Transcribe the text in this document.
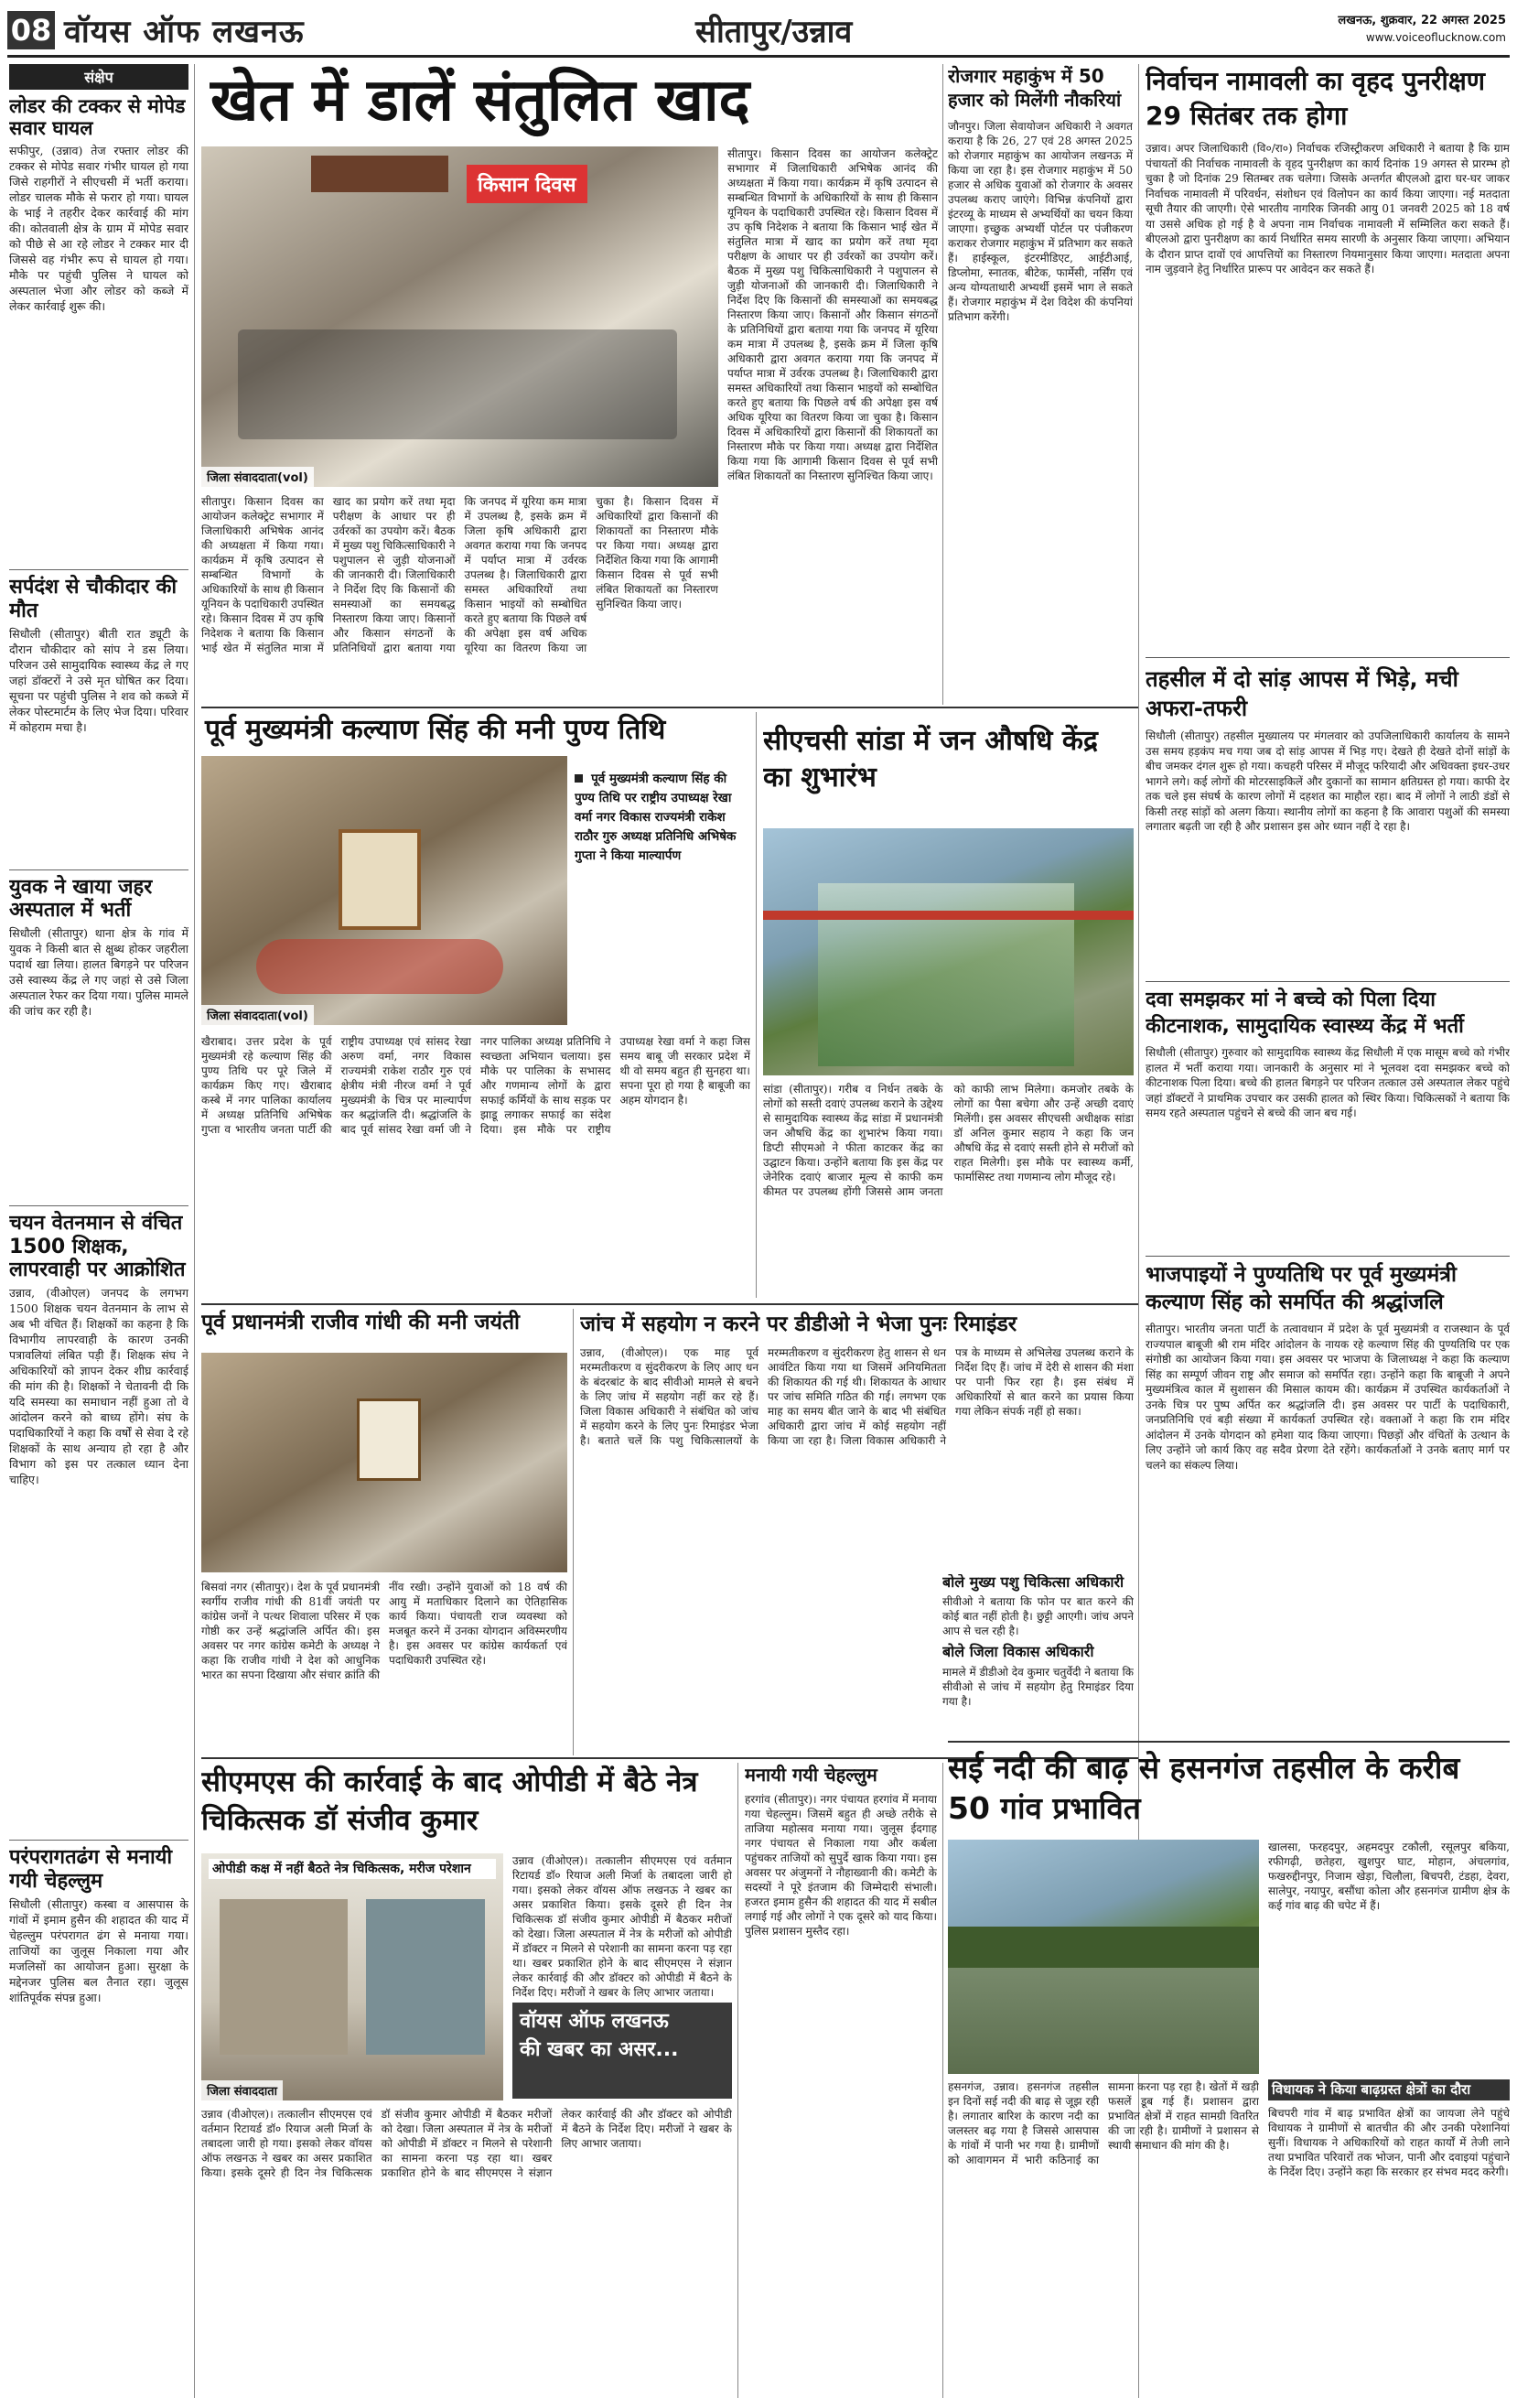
08 वॉयस ऑफ लखनऊ	सीतापुर/उन्नाव	लखनऊ, शुक्रवार, 22 अगस्त 2025
www.voiceoflucknow.com
संक्षेप
लोडर की टक्कर से मोपेड सवार घायल
सफीपुर, (उन्नाव) तेज रफ्तार लोडर की टक्कर से मोपेड सवार गंभीर घायल हो गया जिसे राहगीरों ने सीएचसी में भर्ती कराया। लोडर चालक मौके से फरार हो गया। घायल के भाई ने तहरीर देकर कार्रवाई की मांग की। कोतवाली क्षेत्र के ग्राम में मोपेड सवार को पीछे से आ रहे लोडर ने टक्कर मार दी जिससे वह गंभीर रूप से घायल हो गया। मौके पर पहुंची पुलिस ने घायल को अस्पताल भेजा और लोडर को कब्जे में लेकर कार्रवाई शुरू की।
सर्पदंश से चौकीदार की मौत
सिधौली (सीतापुर) बीती रात ड्यूटी के दौरान चौकीदार को सांप ने डस लिया। परिजन उसे सामुदायिक स्वास्थ्य केंद्र ले गए जहां डॉक्टरों ने उसे मृत घोषित कर दिया। सूचना पर पहुंची पुलिस ने शव को कब्जे में लेकर पोस्टमार्टम के लिए भेज दिया। परिवार में कोहराम मचा है।
युवक ने खाया जहर अस्पताल में भर्ती
सिधौली (सीतापुर) थाना क्षेत्र के गांव में युवक ने किसी बात से क्षुब्ध होकर जहरीला पदार्थ खा लिया। हालत बिगड़ने पर परिजन उसे स्वास्थ्य केंद्र ले गए जहां से उसे जिला अस्पताल रेफर कर दिया गया। पुलिस मामले की जांच कर रही है।
चयन वेतनमान से वंचित 1500 शिक्षक, लापरवाही पर आक्रोशित
उन्नाव, (वीओएल) जनपद के लगभग 1500 शिक्षक चयन वेतनमान के लाभ से अब भी वंचित हैं। शिक्षकों का कहना है कि विभागीय लापरवाही के कारण उनकी पत्रावलियां लंबित पड़ी हैं। शिक्षक संघ ने अधिकारियों को ज्ञापन देकर शीघ्र कार्रवाई की मांग की है। शिक्षकों ने चेतावनी दी कि यदि समस्या का समाधान नहीं हुआ तो वे आंदोलन करने को बाध्य होंगे। संघ के पदाधिकारियों ने कहा कि वर्षों से सेवा दे रहे शिक्षकों के साथ अन्याय हो रहा है और विभाग को इस पर तत्काल ध्यान देना चाहिए।
परंपरागतढंग से मनायी गयी चेहल्लुम
सिधौली (सीतापुर) कस्बा व आसपास के गांवों में इमाम हुसैन की शहादत की याद में चेहल्लुम परंपरागत ढंग से मनाया गया। ताजियों का जुलूस निकाला गया और मजलिसों का आयोजन हुआ। सुरक्षा के मद्देनजर पुलिस बल तैनात रहा। जुलूस शांतिपूर्वक संपन्न हुआ।
खेत में डालें संतुलित खाद
किसान दिवस
जिला संवाददाता(vol)
सीतापुर। किसान दिवस का आयोजन कलेक्ट्रेट सभागार में जिलाधिकारी अभिषेक आनंद की अध्यक्षता में किया गया। कार्यक्रम में कृषि उत्पादन से सम्बन्धित विभागों के अधिकारियों के साथ ही किसान यूनियन के पदाधिकारी उपस्थित रहे। किसान दिवस में उप कृषि निदेशक ने बताया कि किसान भाई खेत में संतुलित मात्रा में खाद का प्रयोग करें तथा मृदा परीक्षण के आधार पर ही उर्वरकों का उपयोग करें। बैठक में मुख्य पशु चिकित्साधिकारी ने पशुपालन से जुड़ी योजनाओं की जानकारी दी। जिलाधिकारी ने निर्देश दिए कि किसानों की समस्याओं का समयबद्ध निस्तारण किया जाए। किसानों और किसान संगठनों के प्रतिनिधियों द्वारा बताया गया कि जनपद में यूरिया कम मात्रा में उपलब्ध है, इसके क्रम में जिला कृषि अधिकारी द्वारा अवगत कराया गया कि जनपद में पर्याप्त मात्रा में उर्वरक उपलब्ध है। जिलाधिकारी द्वारा समस्त अधिकारियों तथा किसान भाइयों को सम्बोधित करते हुए बताया कि पिछले वर्ष की अपेक्षा इस वर्ष अधिक यूरिया का वितरण किया जा चुका है। किसान दिवस में अधिकारियों द्वारा किसानों की शिकायतों का निस्तारण मौके पर किया गया। अध्यक्ष द्वारा निर्देशित किया गया कि आगामी किसान दिवस से पूर्व सभी लंबित शिकायतों का निस्तारण सुनिश्चित किया जाए।
सीतापुर। किसान दिवस का आयोजन कलेक्ट्रेट सभागार में जिलाधिकारी अभिषेक आनंद की अध्यक्षता में किया गया। कार्यक्रम में कृषि उत्पादन से सम्बन्धित विभागों के अधिकारियों के साथ ही किसान यूनियन के पदाधिकारी उपस्थित रहे। किसान दिवस में उप कृषि निदेशक ने बताया कि किसान भाई खेत में संतुलित मात्रा में खाद का प्रयोग करें तथा मृदा परीक्षण के आधार पर ही उर्वरकों का उपयोग करें। बैठक में मुख्य पशु चिकित्साधिकारी ने पशुपालन से जुड़ी योजनाओं की जानकारी दी। जिलाधिकारी ने निर्देश दिए कि किसानों की समस्याओं का समयबद्ध निस्तारण किया जाए। किसानों और किसान संगठनों के प्रतिनिधियों द्वारा बताया गया कि जनपद में यूरिया कम मात्रा में उपलब्ध है, इसके क्रम में जिला कृषि अधिकारी द्वारा अवगत कराया गया कि जनपद में पर्याप्त मात्रा में उर्वरक उपलब्ध है। जिलाधिकारी द्वारा समस्त अधिकारियों तथा किसान भाइयों को सम्बोधित करते हुए बताया कि पिछले वर्ष की अपेक्षा इस वर्ष अधिक यूरिया का वितरण किया जा चुका है। किसान दिवस में अधिकारियों द्वारा किसानों की शिकायतों का निस्तारण मौके पर किया गया। अध्यक्ष द्वारा निर्देशित किया गया कि आगामी किसान दिवस से पूर्व सभी लंबित शिकायतों का निस्तारण सुनिश्चित किया जाए।
रोजगार महाकुंभ में 50 हजार को मिलेंगी नौकरियां
जौनपुर। जिला सेवायोजन अधिकारी ने अवगत कराया है कि 26, 27 एवं 28 अगस्त 2025 को रोजगार महाकुंभ का आयोजन लखनऊ में किया जा रहा है। इस रोजगार महाकुंभ में 50 हजार से अधिक युवाओं को रोजगार के अवसर उपलब्ध कराए जाएंगे। विभिन्न कंपनियों द्वारा इंटरव्यू के माध्यम से अभ्यर्थियों का चयन किया जाएगा। इच्छुक अभ्यर्थी पोर्टल पर पंजीकरण कराकर रोजगार महाकुंभ में प्रतिभाग कर सकते हैं। हाईस्कूल, इंटरमीडिएट, आईटीआई, डिप्लोमा, स्नातक, बीटेक, फार्मेसी, नर्सिंग एवं अन्य योग्यताधारी अभ्यर्थी इसमें भाग ले सकते हैं। रोजगार महाकुंभ में देश विदेश की कंपनियां प्रतिभाग करेंगी।
निर्वाचन नामावली का वृहद पुनरीक्षण 29 सितंबर तक होगा
उन्नाव। अपर जिलाधिकारी (वि०/रा०) निर्वाचक रजिस्ट्रीकरण अधिकारी ने बताया है कि ग्राम पंचायतों की निर्वाचक नामावली के वृहद पुनरीक्षण का कार्य दिनांक 19 अगस्त से प्रारम्भ हो चुका है जो दिनांक 29 सितम्बर तक चलेगा। जिसके अन्तर्गत बीएलओ द्वारा घर-घर जाकर निर्वाचक नामावली में परिवर्धन, संशोधन एवं विलोपन का कार्य किया जाएगा। नई मतदाता सूची तैयार की जाएगी। ऐसे भारतीय नागरिक जिनकी आयु 01 जनवरी 2025 को 18 वर्ष या उससे अधिक हो गई है वे अपना नाम निर्वाचक नामावली में सम्मिलित करा सकते हैं। बीएलओ द्वारा पुनरीक्षण का कार्य निर्धारित समय सारणी के अनुसार किया जाएगा। अभियान के दौरान प्राप्त दावों एवं आपत्तियों का निस्तारण नियमानुसार किया जाएगा। मतदाता अपना नाम जुड़वाने हेतु निर्धारित प्रारूप पर आवेदन कर सकते हैं।
तहसील में दो सांड़ आपस में भिड़े, मची अफरा-तफरी
सिधौली (सीतापुर) तहसील मुख्यालय पर मंगलवार को उपजिलाधिकारी कार्यालय के सामने उस समय हड़कंप मच गया जब दो सांड़ आपस में भिड़ गए। देखते ही देखते दोनों सांड़ों के बीच जमकर दंगल शुरू हो गया। कचहरी परिसर में मौजूद फरियादी और अधिवक्ता इधर-उधर भागने लगे। कई लोगों की मोटरसाइकिलें और दुकानों का सामान क्षतिग्रस्त हो गया। काफी देर तक चले इस संघर्ष के कारण लोगों में दहशत का माहौल रहा। बाद में लोगों ने लाठी डंडों से किसी तरह सांड़ों को अलग किया। स्थानीय लोगों का कहना है कि आवारा पशुओं की समस्या लगातार बढ़ती जा रही है और प्रशासन इस ओर ध्यान नहीं दे रहा है।
दवा समझकर मां ने बच्चे को पिला दिया कीटनाशक, सामुदायिक स्वास्थ्य केंद्र में भर्ती
सिधौली (सीतापुर) गुरुवार को सामुदायिक स्वास्थ्य केंद्र सिधौली में एक मासूम बच्चे को गंभीर हालत में भर्ती कराया गया। जानकारी के अनुसार मां ने भूलवश दवा समझकर बच्चे को कीटनाशक पिला दिया। बच्चे की हालत बिगड़ने पर परिजन तत्काल उसे अस्पताल लेकर पहुंचे जहां डॉक्टरों ने प्राथमिक उपचार कर उसकी हालत को स्थिर किया। चिकित्सकों ने बताया कि समय रहते अस्पताल पहुंचने से बच्चे की जान बच गई।
भाजपाइयों ने पुण्यतिथि पर पूर्व मुख्यमंत्री कल्याण सिंह को समर्पित की श्रद्धांजलि
सीतापुर। भारतीय जनता पार्टी के तत्वावधान में प्रदेश के पूर्व मुख्यमंत्री व राजस्थान के पूर्व राज्यपाल बाबूजी श्री राम मंदिर आंदोलन के नायक रहे कल्याण सिंह की पुण्यतिथि पर एक संगोष्ठी का आयोजन किया गया। इस अवसर पर भाजपा के जिलाध्यक्ष ने कहा कि कल्याण सिंह का सम्पूर्ण जीवन राष्ट्र और समाज को समर्पित रहा। उन्होंने कहा कि बाबूजी ने अपने मुख्यमंत्रित्व काल में सुशासन की मिसाल कायम की। कार्यक्रम में उपस्थित कार्यकर्ताओं ने उनके चित्र पर पुष्प अर्पित कर श्रद्धांजलि दी। इस अवसर पर पार्टी के पदाधिकारी, जनप्रतिनिधि एवं बड़ी संख्या में कार्यकर्ता उपस्थित रहे। वक्ताओं ने कहा कि राम मंदिर आंदोलन में उनके योगदान को हमेशा याद किया जाएगा। पिछड़ों और वंचितों के उत्थान के लिए उन्होंने जो कार्य किए वह सदैव प्रेरणा देते रहेंगे। कार्यकर्ताओं ने उनके बताए मार्ग पर चलने का संकल्प लिया।
पूर्व मुख्यमंत्री कल्याण सिंह की मनी पुण्य तिथि
जिला संवाददाता(vol)
पूर्व मुख्यमंत्री कल्याण सिंह की पुण्य तिथि पर राष्ट्रीय उपाध्यक्ष रेखा वर्मा नगर विकास राज्यमंत्री राकेश राठौर गुरु अध्यक्ष प्रतिनिधि अभिषेक गुप्ता ने किया माल्यार्पण
खैराबाद। उत्तर प्रदेश के पूर्व मुख्यमंत्री रहे कल्याण सिंह की पुण्य तिथि पर पूरे जिले में कार्यक्रम किए गए। खैराबाद कस्बे में नगर पालिका कार्यालय में अध्यक्ष प्रतिनिधि अभिषेक गुप्ता व भारतीय जनता पार्टी की राष्ट्रीय उपाध्यक्ष एवं सांसद रेखा अरुण वर्मा, नगर विकास राज्यमंत्री राकेश राठौर गुरु एवं क्षेत्रीय मंत्री नीरज वर्मा ने पूर्व मुख्यमंत्री के चित्र पर माल्यार्पण कर श्रद्धांजलि दी। श्रद्धांजलि के बाद पूर्व सांसद रेखा वर्मा जी ने नगर पालिका अध्यक्ष प्रतिनिधि ने स्वच्छता अभियान चलाया। इस मौके पर पालिका के सभासद और गणमान्य लोगों के द्वारा सफाई कर्मियों के साथ सड़क पर झाडू लगाकर सफाई का संदेश दिया। इस मौके पर राष्ट्रीय उपाध्यक्ष रेखा वर्मा ने कहा जिस समय बाबू जी सरकार प्रदेश में थी वो समय बहुत ही सुनहरा था। सपना पूरा हो गया है बाबूजी का अहम योगदान है।
सीएचसी सांडा में जन औषधि केंद्र का शुभारंभ
सांडा (सीतापुर)। गरीब व निर्धन तबके के लोगों को सस्ती दवाएं उपलब्ध कराने के उद्देश्य से सामुदायिक स्वास्थ्य केंद्र सांडा में प्रधानमंत्री जन औषधि केंद्र का शुभारंभ किया गया। डिप्टी सीएमओ ने फीता काटकर केंद्र का उद्घाटन किया। उन्होंने बताया कि इस केंद्र पर जेनेरिक दवाएं बाजार मूल्य से काफी कम कीमत पर उपलब्ध होंगी जिससे आम जनता को काफी लाभ मिलेगा। कमजोर तबके के लोगों का पैसा बचेगा और उन्हें अच्छी दवाएं मिलेंगी। इस अवसर सीएचसी अधीक्षक सांडा डॉ अनिल कुमार सहाय ने कहा कि जन औषधि केंद्र से दवाएं सस्ती होने से मरीजों को राहत मिलेगी। इस मौके पर स्वास्थ्य कर्मी, फार्मासिस्ट तथा गणमान्य लोग मौजूद रहे।
पूर्व प्रधानमंत्री राजीव गांधी की मनी जयंती
बिसवां नगर (सीतापुर)। देश के पूर्व प्रधानमंत्री स्वर्गीय राजीव गांधी की 81वीं जयंती पर कांग्रेस जनों ने पत्थर शिवाला परिसर में एक गोष्ठी कर उन्हें श्रद्धांजलि अर्पित की। इस अवसर पर नगर कांग्रेस कमेटी के अध्यक्ष ने कहा कि राजीव गांधी ने देश को आधुनिक भारत का सपना दिखाया और संचार क्रांति की नींव रखी। उन्होंने युवाओं को 18 वर्ष की आयु में मताधिकार दिलाने का ऐतिहासिक कार्य किया। पंचायती राज व्यवस्था को मजबूत करने में उनका योगदान अविस्मरणीय है। इस अवसर पर कांग्रेस कार्यकर्ता एवं पदाधिकारी उपस्थित रहे।
जांच में सहयोग न करने पर डीडीओ ने भेजा पुनः रिमाइंडर
उन्नाव, (वीओएल)। एक माह पूर्व मरम्मतीकरण व सुंदरीकरण के लिए आए धन के बंदरबांट के बाद सीवीओ मामले से बचने के लिए जांच में सहयोग नहीं कर रहे हैं। जिला विकास अधिकारी ने संबंधित को जांच में सहयोग करने के लिए पुनः रिमाइंडर भेजा है। बताते चलें कि पशु चिकित्सालयों के मरम्मतीकरण व सुंदरीकरण हेतु शासन से धन आवंटित किया गया था जिसमें अनियमितता की शिकायत की गई थी। शिकायत के आधार पर जांच समिति गठित की गई। लगभग एक माह का समय बीत जाने के बाद भी संबंधित अधिकारी द्वारा जांच में कोई सहयोग नहीं किया जा रहा है। जिला विकास अधिकारी ने पत्र के माध्यम से अभिलेख उपलब्ध कराने के निर्देश दिए हैं। जांच में देरी से शासन की मंशा पर पानी फिर रहा है। इस संबंध में अधिकारियों से बात करने का प्रयास किया गया लेकिन संपर्क नहीं हो सका।
बोले मुख्य पशु चिकित्सा अधिकारी
सीवीओ ने बताया कि फोन पर बात करने की कोई बात नहीं होती है। छुट्टी आएगी। जांच अपने आप से चल रही है।
बोले जिला विकास अधिकारी
मामले में डीडीओ देव कुमार चतुर्वेदी ने बताया कि सीवीओ से जांच में सहयोग हेतु रिमाइंडर दिया गया है।
सीएमएस की कार्रवाई के बाद ओपीडी में बैठे नेत्र चिकित्सक डॉ संजीव कुमार
ओपीडी कक्ष में नहीं बैठते नेत्र चिकित्सक, मरीज परेशान
जिला संवाददाता
उन्नाव (वीओएल)। तत्कालीन सीएमएस एवं वर्तमान रिटायर्ड डॉ० रियाज अली मिर्जा के तबादला जारी हो गया। इसको लेकर वॉयस ऑफ लखनऊ ने खबर का असर प्रकाशित किया। इसके दूसरे ही दिन नेत्र चिकित्सक डॉ संजीव कुमार ओपीडी में बैठकर मरीजों को देखा। जिला अस्पताल में नेत्र के मरीजों को ओपीडी में डॉक्टर न मिलने से परेशानी का सामना करना पड़ रहा था। खबर प्रकाशित होने के बाद सीएमएस ने संज्ञान लेकर कार्रवाई की और डॉक्टर को ओपीडी में बैठने के निर्देश दिए। मरीजों ने खबर के लिए आभार जताया।
वॉयस ऑफ लखनऊ
की खबर का असर...
उन्नाव (वीओएल)। तत्कालीन सीएमएस एवं वर्तमान रिटायर्ड डॉ० रियाज अली मिर्जा के तबादला जारी हो गया। इसको लेकर वॉयस ऑफ लखनऊ ने खबर का असर प्रकाशित किया। इसके दूसरे ही दिन नेत्र चिकित्सक डॉ संजीव कुमार ओपीडी में बैठकर मरीजों को देखा। जिला अस्पताल में नेत्र के मरीजों को ओपीडी में डॉक्टर न मिलने से परेशानी का सामना करना पड़ रहा था। खबर प्रकाशित होने के बाद सीएमएस ने संज्ञान लेकर कार्रवाई की और डॉक्टर को ओपीडी में बैठने के निर्देश दिए। मरीजों ने खबर के लिए आभार जताया।
मनायी गयी चेहल्लुम
हरगांव (सीतापुर)। नगर पंचायत हरगांव में मनाया गया चेहल्लुम। जिसमें बहुत ही अच्छे तरीके से ताजिया महोत्सव मनाया गया। जुलूस ईदगाह नगर पंचायत से निकाला गया और कर्बला पहुंचकर ताजियों को सुपुर्दे खाक किया गया। इस अवसर पर अंजुमनों ने नौहाख्वानी की। कमेटी के सदस्यों ने पूरे इंतजाम की जिम्मेदारी संभाली। हजरत इमाम हुसैन की शहादत की याद में सबील लगाई गई और लोगों ने एक दूसरे को याद किया। पुलिस प्रशासन मुस्तैद रहा।
सई नदी की बाढ़ से हसनगंज तहसील के करीब 50 गांव प्रभावित
खालसा, फरहदपुर, अहमदपुर टकौली, रसूलपुर बकिया, रफीगढ़ी, छतेहरा, खुशपुर घाट, मोहान, अंचलगांव, फखरुद्दीनपुर, निजाम खेड़ा, चिलौला, बिचपरी, टंडहा, देवरा, सालेपुर, नयापुर, बसौंधा कोला और हसनगंज ग्रामीण क्षेत्र के कई गांव बाढ़ की चपेट में हैं।
हसनगंज, उन्नाव। हसनगंज तहसील इन दिनों सई नदी की बाढ़ से जूझ रही है। लगातार बारिश के कारण नदी का जलस्तर बढ़ गया है जिससे आसपास के गांवों में पानी भर गया है। ग्रामीणों को आवागमन में भारी कठिनाई का सामना करना पड़ रहा है। खेतों में खड़ी फसलें डूब गई हैं। प्रशासन द्वारा प्रभावित क्षेत्रों में राहत सामग्री वितरित की जा रही है। ग्रामीणों ने प्रशासन से स्थायी समाधान की मांग की है।
विधायक ने किया बाढ़ग्रस्त क्षेत्रों का दौरा
बिचपरी गांव में बाढ़ प्रभावित क्षेत्रों का जायजा लेने पहुंचे विधायक ने ग्रामीणों से बातचीत की और उनकी परेशानियां सुनीं। विधायक ने अधिकारियों को राहत कार्यों में तेजी लाने तथा प्रभावित परिवारों तक भोजन, पानी और दवाइयां पहुंचाने के निर्देश दिए। उन्होंने कहा कि सरकार हर संभव मदद करेगी।
